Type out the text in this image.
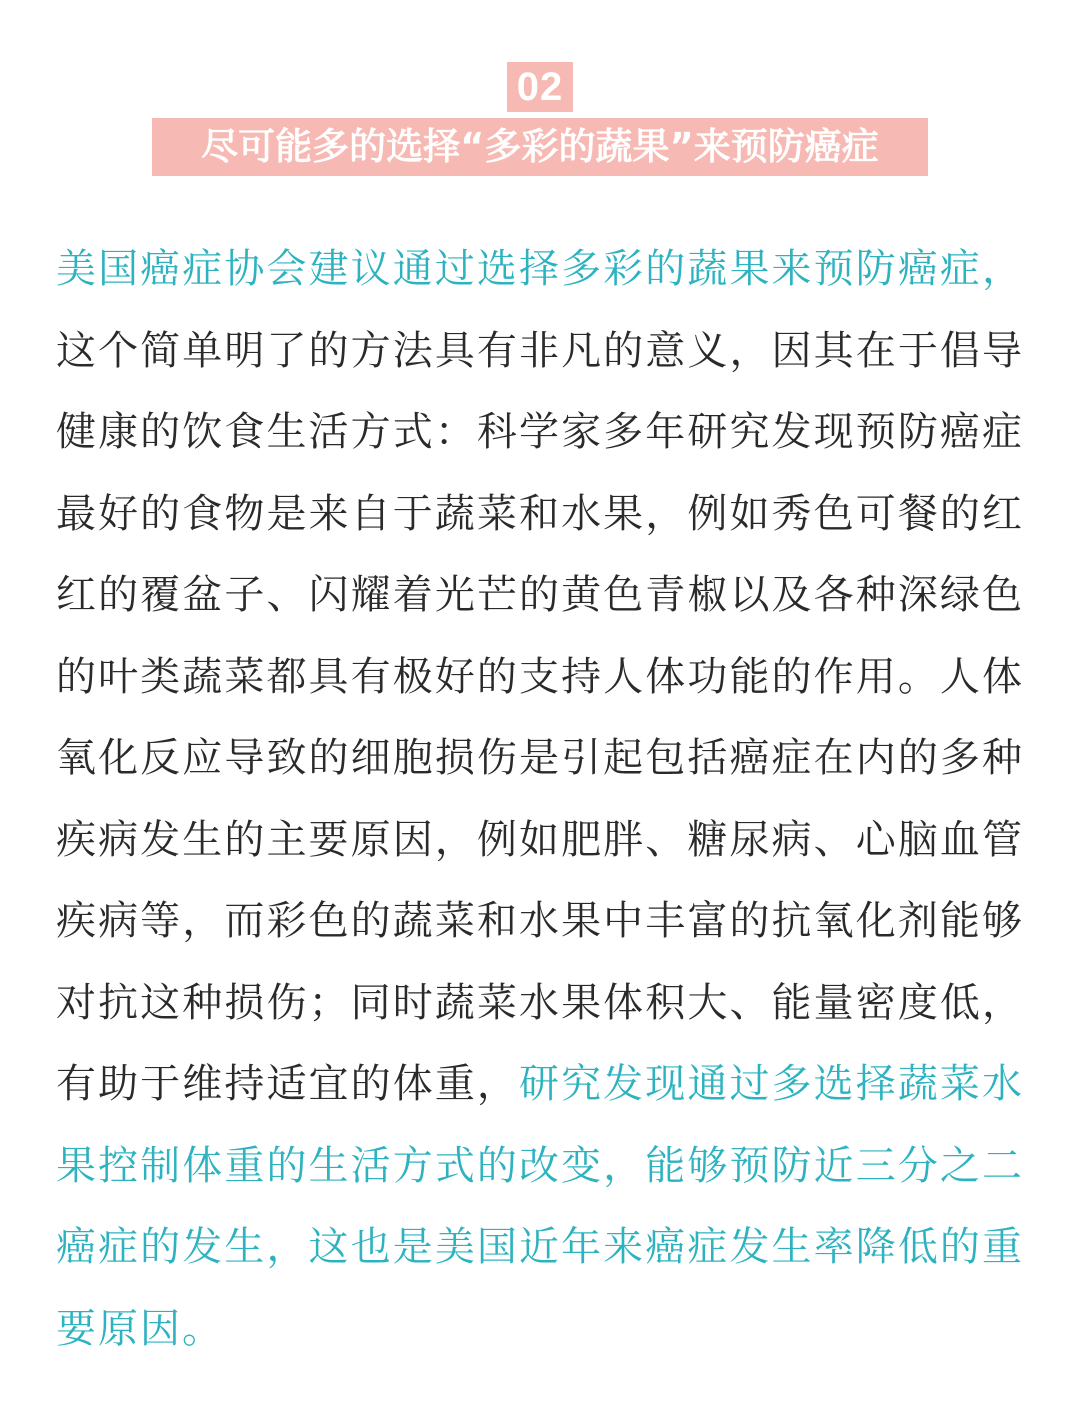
02
尽可能多的选择“多彩的蔬果”来预防癌症
美国癌症协会建议通过选择多彩的蔬果来预防癌症，这个简单明了的方法具有非凡的意义，因其在于倡导健康的饮食生活方式：科学家多年研究发现预防癌症最好的食物是来自于蔬菜和水果，例如秀色可餐的红红的覆盆子、闪耀着光芒的黄色青椒以及各种深绿色的叶类蔬菜都具有极好的支持人体功能的作用。人体氧化反应导致的细胞损伤是引起包括癌症在内的多种疾病发生的主要原因，例如肥胖、糖尿病、心脑血管疾病等，而彩色的蔬菜和水果中丰富的抗氧化剂能够对抗这种损伤；同时蔬菜水果体积大、能量密度低，有助于维持适宜的体重，研究发现通过多选择蔬菜水果控制体重的生活方式的改变，能够预防近三分之二癌症的发生，这也是美国近年来癌症发生率降低的重要原因。
